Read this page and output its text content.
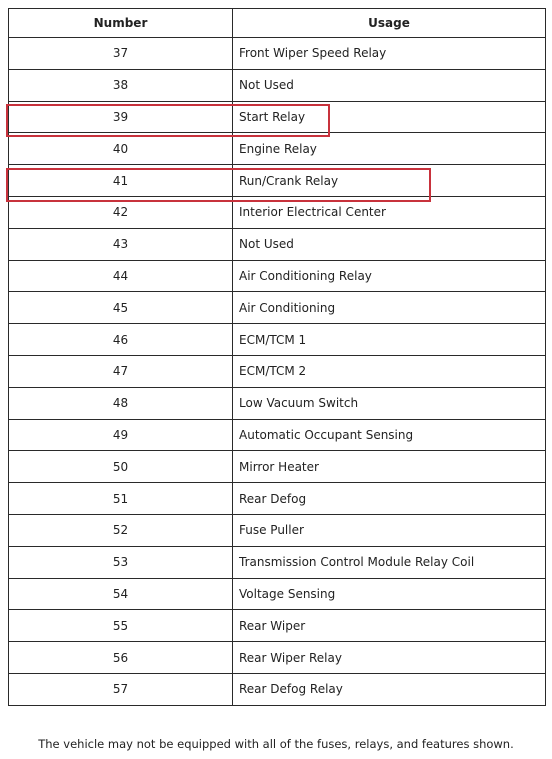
Number	Usage
37	Front Wiper Speed Relay
38	Not Used
39	Start Relay
40	Engine Relay
41	Run/Crank Relay
42	Interior Electrical Center
43	Not Used
44	Air Conditioning Relay
45	Air Conditioning
46	ECM/TCM 1
47	ECM/TCM 2
48	Low Vacuum Switch
49	Automatic Occupant Sensing
50	Mirror Heater
51	Rear Defog
52	Fuse Puller
53	Transmission Control Module Relay Coil
54	Voltage Sensing
55	Rear Wiper
56	Rear Wiper Relay
57	Rear Defog Relay
The vehicle may not be equipped with all of the fuses, relays, and features shown.
